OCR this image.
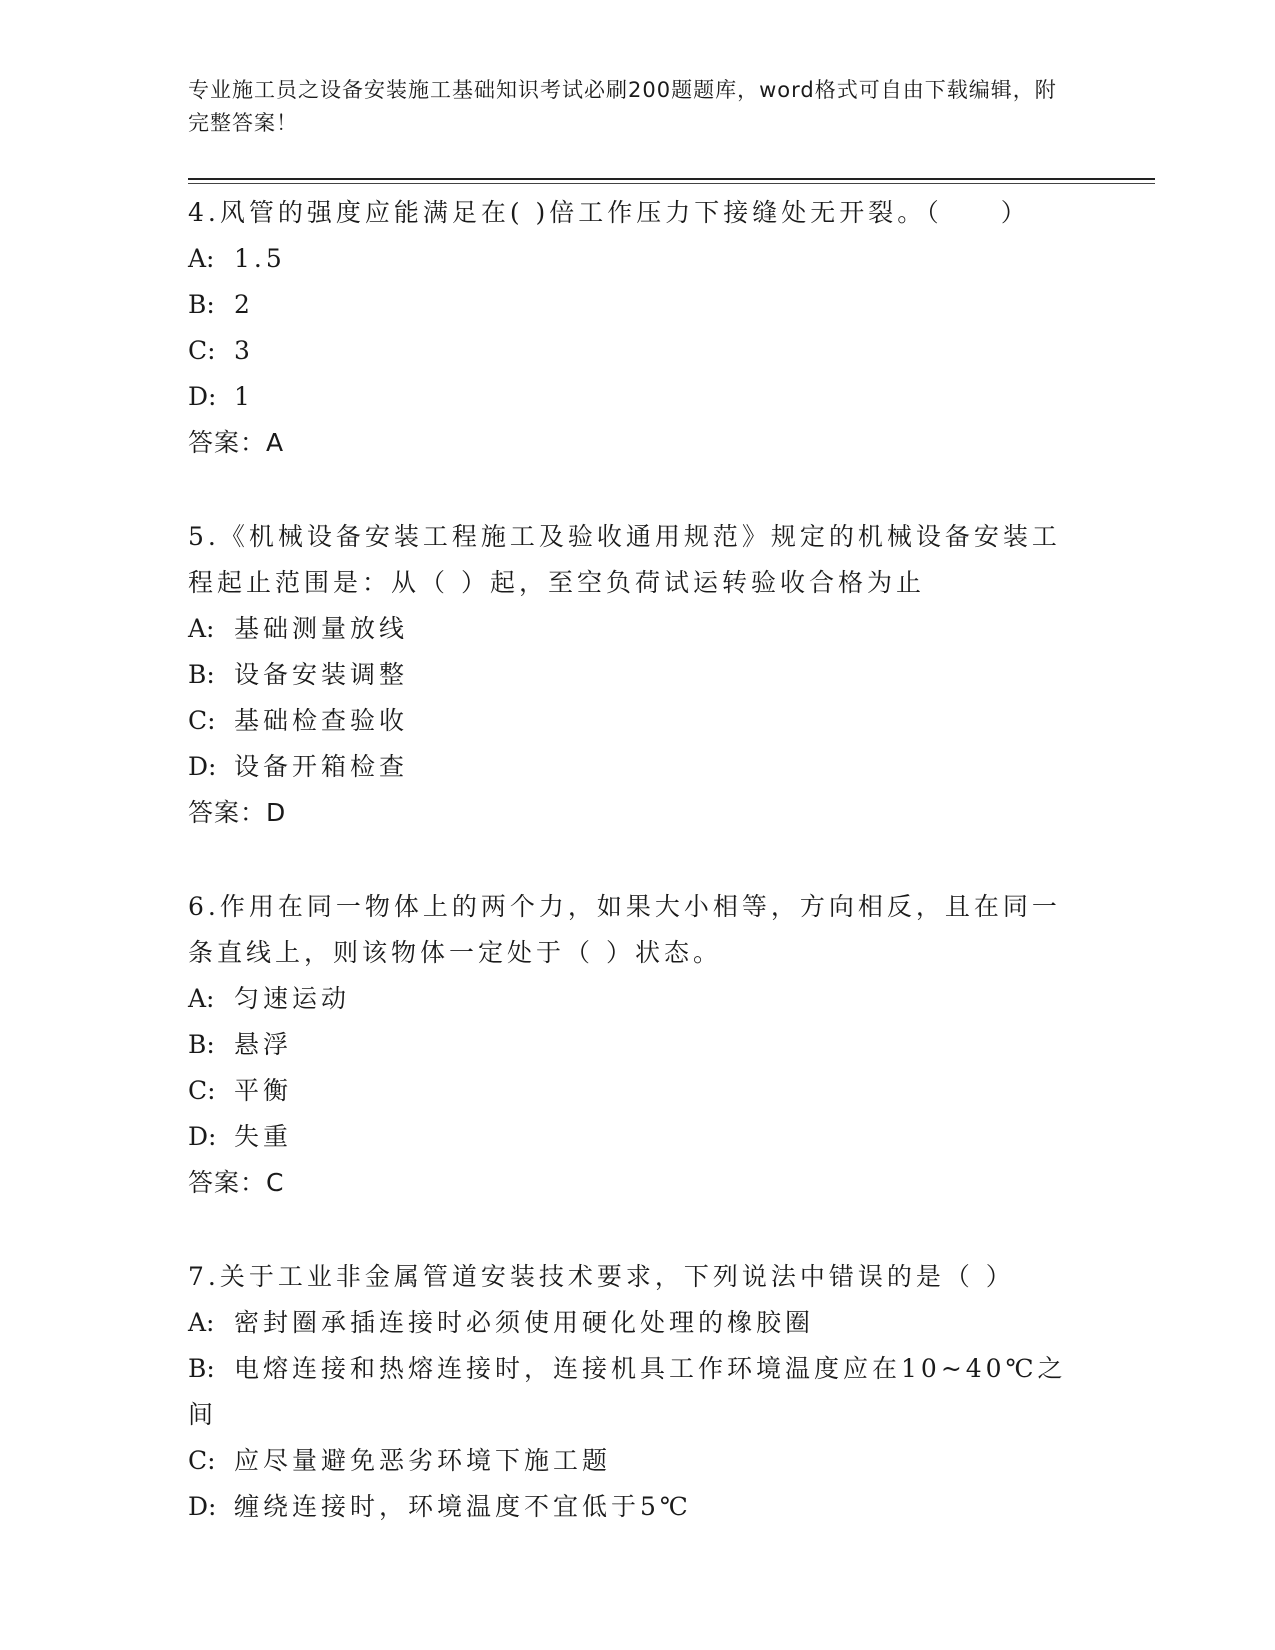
专业施工员之设备安装施工基础知识考试必刷200题题库，word格式可自由下载编辑，附完整答案！
4.风管的强度应能满足在( )倍工作压力下接缝处无开裂。（　　）
A: 1.5
B: 2
C: 3
D: 1
答案：A
5.《机械设备安装工程施工及验收通用规范》规定的机械设备安装工程起止范围是：从（ ）起，至空负荷试运转验收合格为止
A: 基础测量放线
B: 设备安装调整
C: 基础检查验收
D: 设备开箱检查
答案：D
6.作用在同一物体上的两个力，如果大小相等，方向相反，且在同一条直线上，则该物体一定处于（ ）状态。
A: 匀速运动
B: 悬浮
C: 平衡
D: 失重
答案：C
7.关于工业非金属管道安装技术要求，下列说法中错误的是（ ）
A: 密封圈承插连接时必须使用硬化处理的橡胶圈
B: 电熔连接和热熔连接时，连接机具工作环境温度应在10~40℃之间
C: 应尽量避免恶劣环境下施工题
D: 缠绕连接时，环境温度不宜低于5℃
